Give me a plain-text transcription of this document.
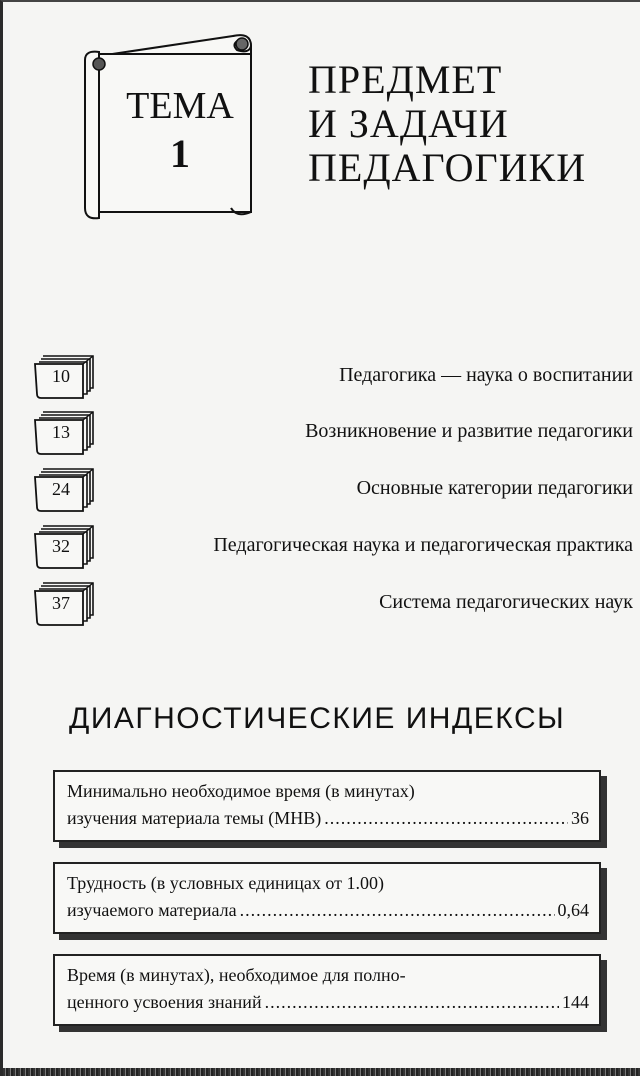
ТЕМА
1
ПРЕДМЕТ
И ЗАДАЧИ
ПЕДАГОГИКИ
10	Педагогика — наука о воспитании
13	Возникновение и развитие педагогики
24	Основные категории педагогики
32	Педагогическая наука и педагогическая практика
37	Система педагогических наук
ДИАГНОСТИЧЕСКИЕ ИНДЕКСЫ
Минимально необходимое время (в минутах)
изучения материала темы (МНВ) .....	36
Трудность (в условных единицах от 1.00)
изучаемого материала .....	0,64
Время (в минутах), необходимое для полно-
ценного усвоения знаний .....	144
